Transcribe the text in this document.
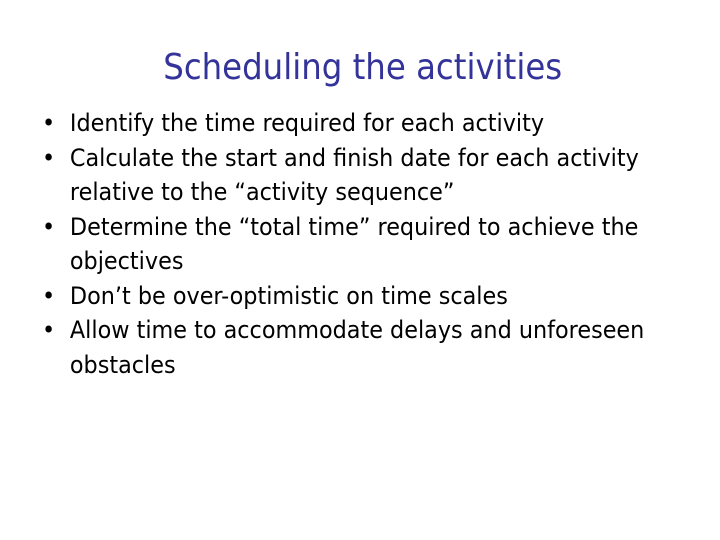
Scheduling the activities
• Identify the time required for each activity
• Calculate the start and finish date for each activity relative to the “activity sequence”
• Determine the “total time” required to achieve the objectives
• Don’t be over-optimistic on time scales
• Allow time to accommodate delays and unforeseen obstacles
